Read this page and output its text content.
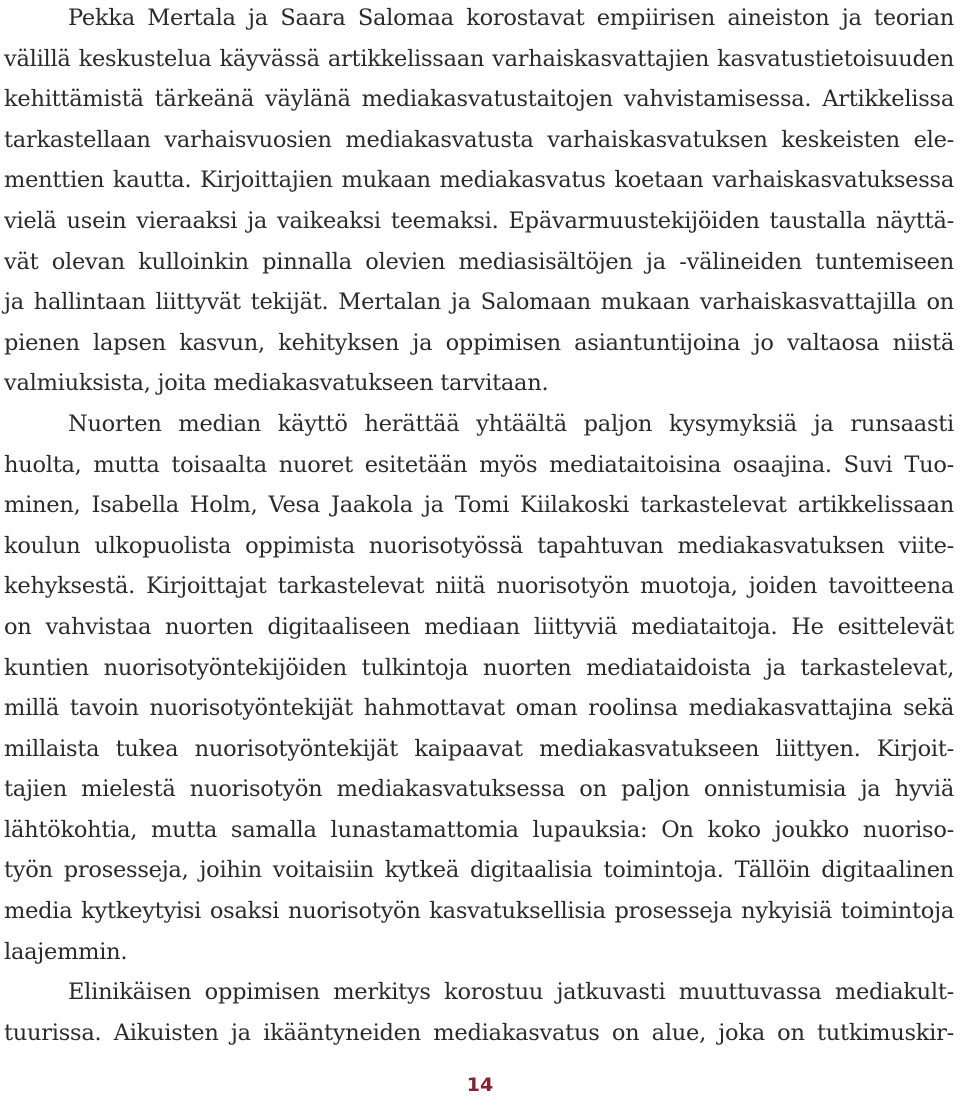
Pekka Mertala ja Saara Salomaa korostavat empiirisen aineiston ja teorian
välillä keskustelua käyvässä artikkelissaan varhaiskasvattajien kasvatustietoisuuden
kehittämistä tärkeänä väylänä mediakasvatustaitojen vahvistamisessa. Artikkelissa
tarkastellaan varhaisvuosien mediakasvatusta varhaiskasvatuksen keskeisten ele-
menttien kautta. Kirjoittajien mukaan mediakasvatus koetaan varhaiskasvatuksessa
vielä usein vieraaksi ja vaikeaksi teemaksi. Epävarmuustekijöiden taustalla näyttä-
vät olevan kulloinkin pinnalla olevien mediasisältöjen ja -välineiden tuntemiseen
ja hallintaan liittyvät tekijät. Mertalan ja Salomaan mukaan varhaiskasvattajilla on
pienen lapsen kasvun, kehityksen ja oppimisen asiantuntijoina jo valtaosa niistä
valmiuksista, joita mediakasvatukseen tarvitaan.
Nuorten median käyttö herättää yhtäältä paljon kysymyksiä ja runsaasti
huolta, mutta toisaalta nuoret esitetään myös mediataitoisina osaajina. Suvi Tuo-
minen, Isabella Holm, Vesa Jaakola ja Tomi Kiilakoski tarkastelevat artikkelissaan
koulun ulkopuolista oppimista nuorisotyössä tapahtuvan mediakasvatuksen viite-
kehyksestä. Kirjoittajat tarkastelevat niitä nuorisotyön muotoja, joiden tavoitteena
on vahvistaa nuorten digitaaliseen mediaan liittyviä mediataitoja. He esittelevät
kuntien nuorisotyöntekijöiden tulkintoja nuorten mediataidoista ja tarkastelevat,
millä tavoin nuorisotyöntekijät hahmottavat oman roolinsa mediakasvattajina sekä
millaista tukea nuorisotyöntekijät kaipaavat mediakasvatukseen liittyen. Kirjoit-
tajien mielestä nuorisotyön mediakasvatuksessa on paljon onnistumisia ja hyviä
lähtökohtia, mutta samalla lunastamattomia lupauksia: On koko joukko nuoriso-
työn prosesseja, joihin voitaisiin kytkeä digitaalisia toimintoja. Tällöin digitaalinen
media kytkeytyisi osaksi nuorisotyön kasvatuksellisia prosesseja nykyisiä toimintoja
laajemmin.
Elinikäisen oppimisen merkitys korostuu jatkuvasti muuttuvassa mediakult-
tuurissa. Aikuisten ja ikääntyneiden mediakasvatus on alue, joka on tutkimuskir-
14
